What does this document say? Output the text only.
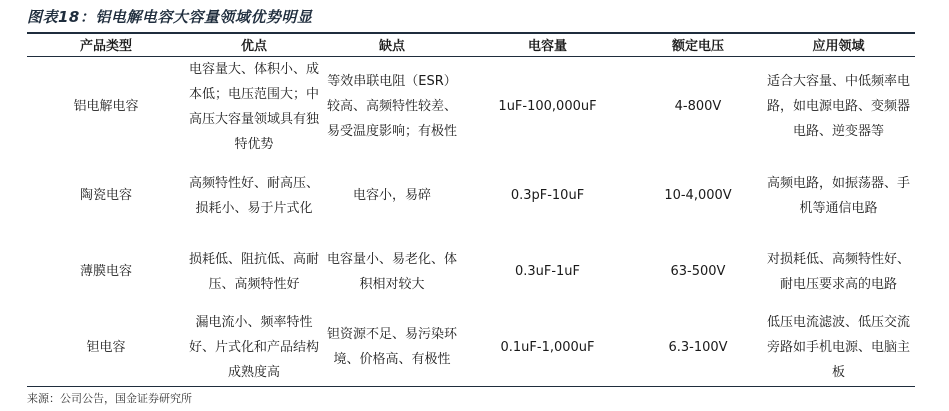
图表18：铝电解电容大容量领域优势明显
产品类型	优点	缺点	电容量	额定电压	应用领域
铝电解电容	电容量大、体积小、成本低；电压范围大；中高压大容量领域具有独特优势	等效串联电阻（ESR）较高、高频特性较差、易受温度影响；有极性	1uF-100,000uF	4-800V	适合大容量、中低频率电路，如电源电路、变频器电路、逆变器等
陶瓷电容	高频特性好、耐高压、损耗小、易于片式化	电容小，易碎	0.3pF-10uF	10-4,000V	高频电路，如振荡器、手机等通信电路
薄膜电容	损耗低、阻抗低、高耐压、高频特性好	电容量小、易老化、体积相对较大	0.3uF-1uF	63-500V	对损耗低、高频特性好、耐电压要求高的电路
钽电容	漏电流小、频率特性好、片式化和产品结构成熟度高	钽资源不足、易污染环境、价格高、有极性	0.1uF-1,000uF	6.3-100V	低压电流滤波、低压交流旁路如手机电源、电脑主板
来源：公司公告，国金证券研究所
